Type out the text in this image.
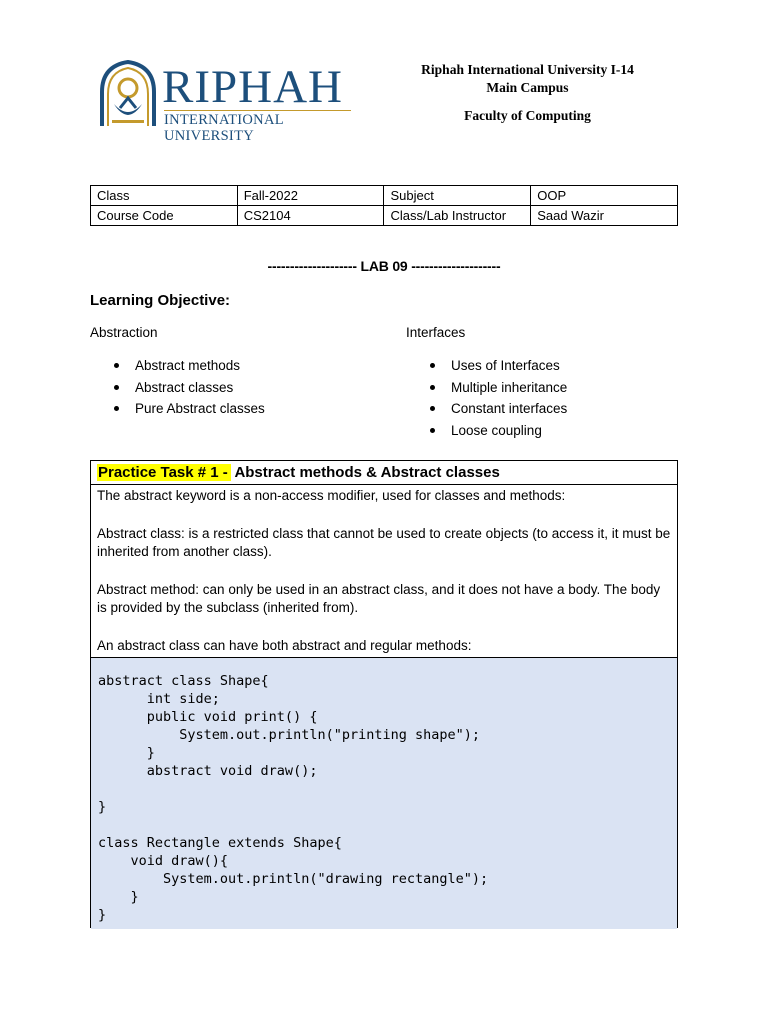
RIPHAH
INTERNATIONAL UNIVERSITY
Riphah International University I-14
Main Campus
Faculty of Computing
Class	Fall-2022	Subject	OOP
Course Code	CS2104	Class/Lab Instructor	Saad Wazir
-------------------- LAB 09 --------------------
Learning Objective:
Abstraction	Interfaces
Abstract methods
Abstract classes
Pure Abstract classes
Uses of Interfaces
Multiple inheritance
Constant interfaces
Loose coupling
Practice Task # 1 - Abstract methods & Abstract classes

The abstract keyword is a non-access modifier, used for classes and methods:

Abstract class: is a restricted class that cannot be used to create objects (to access it, it must be inherited from another class).

Abstract method: can only be used in an abstract class, and it does not have a body. The body is provided by the subclass (inherited from).

An abstract class can have both abstract and regular methods:

abstract class Shape{
int side;
public void print() {
System.out.println("printing shape");
}
abstract void draw();

}

class Rectangle extends Shape{
void draw(){
System.out.println("drawing rectangle");
}
}
